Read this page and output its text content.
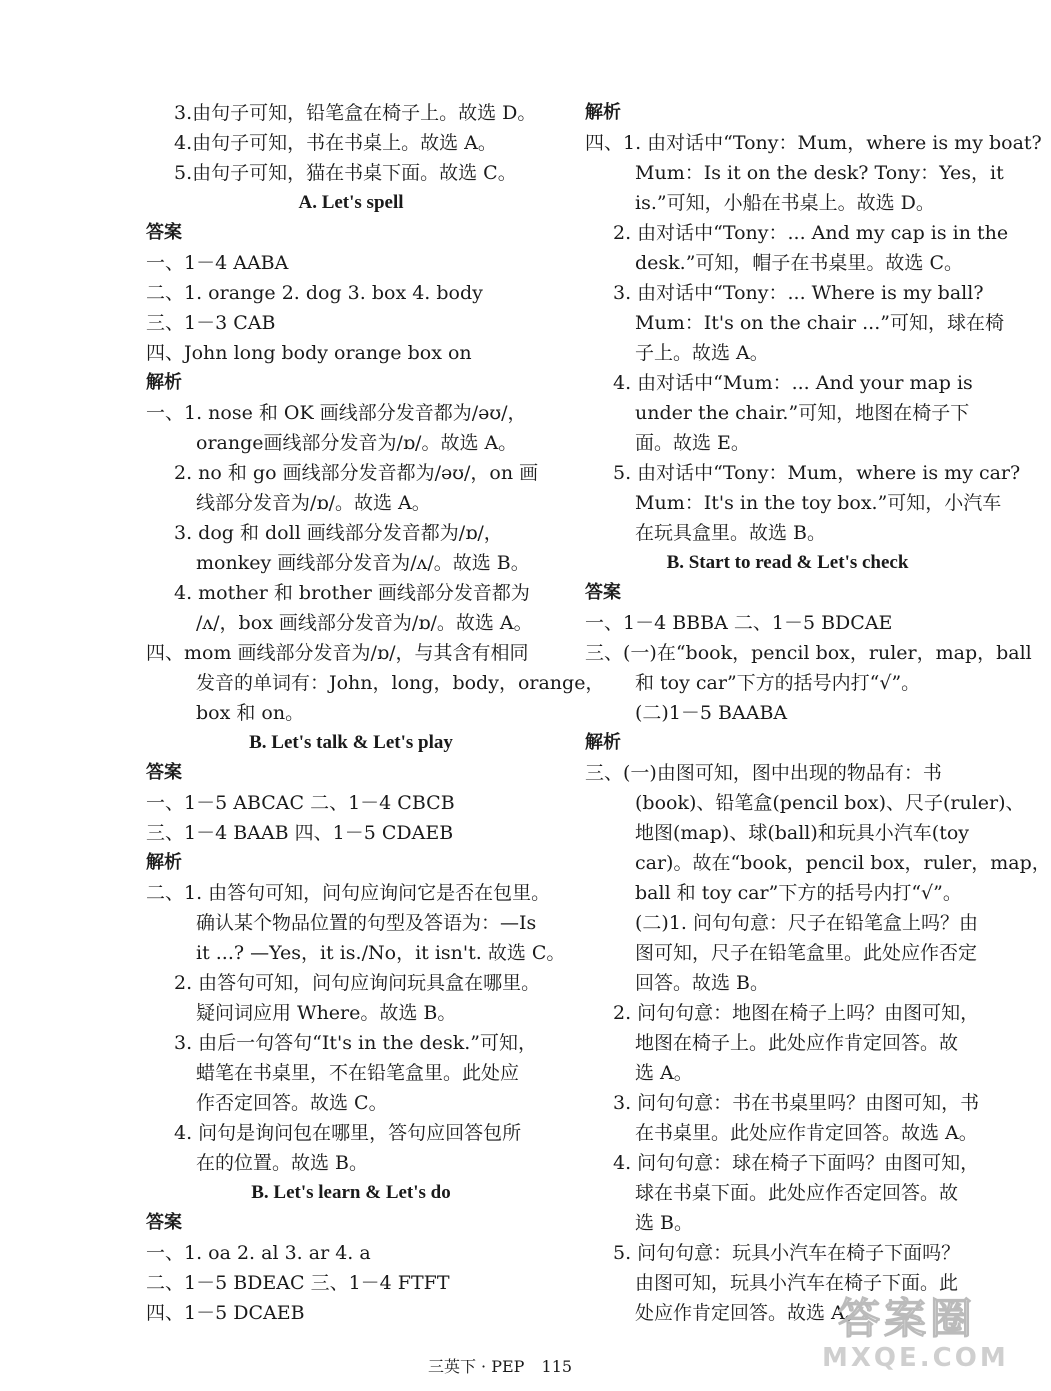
3.由句子可知，铅笔盒在椅子上。故选 D。
4.由句子可知，书在书桌上。故选 A。
5.由句子可知，猫在书桌下面。故选 C。
A. Let's spell
答案
一、1－4 AABA
二、1. orange 2. dog 3. box 4. body
三、1－3 CAB
四、John long body orange box on
解析
一、1. nose 和 OK 画线部分发音都为/əʊ/，
orange画线部分发音为/ɒ/。故选 A。
2. no 和 go 画线部分发音都为/əʊ/，on 画
线部分发音为/ɒ/。故选 A。
3. dog 和 doll 画线部分发音都为/ɒ/，
monkey 画线部分发音为/ʌ/。故选 B。
4. mother 和 brother 画线部分发音都为
/ʌ/，box 画线部分发音为/ɒ/。故选 A。
四、mom 画线部分发音为/ɒ/，与其含有相同
发音的单词有：John，long，body，orange，
box 和 on。
B. Let's talk & Let's play
答案
一、1－5 ABCAC 二、1－4 CBCB
三、1－4 BAAB 四、1－5 CDAEB
解析
二、1. 由答句可知，问句应询问它是否在包里。
确认某个物品位置的句型及答语为：—Is
it ...? —Yes，it is./No，it isn't. 故选 C。
2. 由答句可知，问句应询问玩具盒在哪里。
疑问词应用 Where。故选 B。
3. 由后一句答句“It's in the desk.”可知，
蜡笔在书桌里，不在铅笔盒里。此处应
作否定回答。故选 C。
4. 问句是询问包在哪里，答句应回答包所
在的位置。故选 B。
B. Let's learn & Let's do
答案
一、1. oa 2. al 3. ar 4. a
二、1－5 BDEAC 三、1－4 FTFT
四、1－5 DCAEB
解析
四、1. 由对话中“Tony：Mum，where is my boat?
Mum：Is it on the desk? Tony：Yes，it
is.”可知，小船在书桌上。故选 D。
2. 由对话中“Tony：... And my cap is in the
desk.”可知，帽子在书桌里。故选 C。
3. 由对话中“Tony：... Where is my ball?
Mum：It's on the chair ...”可知，球在椅
子上。故选 A。
4. 由对话中“Mum：... And your map is
under the chair.”可知，地图在椅子下
面。故选 E。
5. 由对话中“Tony：Mum，where is my car?
Mum：It's in the toy box.”可知，小汽车
在玩具盒里。故选 B。
B. Start to read & Let's check
答案
一、1－4 BBBA 二、1－5 BDCAE
三、(一)在“book，pencil box，ruler，map，ball
和 toy car”下方的括号内打“√”。
(二)1－5 BAABA
解析
三、(一)由图可知，图中出现的物品有：书
(book)、铅笔盒(pencil box)、尺子(ruler)、
地图(map)、球(ball)和玩具小汽车(toy
car)。故在“book，pencil box，ruler，map，
ball 和 toy car”下方的括号内打“√”。
(二)1. 问句句意：尺子在铅笔盒上吗？由
图可知，尺子在铅笔盒里。此处应作否定
回答。故选 B。
2. 问句句意：地图在椅子上吗？由图可知，
地图在椅子上。此处应作肯定回答。故
选 A。
3. 问句句意：书在书桌里吗？由图可知，书
在书桌里。此处应作肯定回答。故选 A。
4. 问句句意：球在椅子下面吗？由图可知，
球在书桌下面。此处应作否定回答。故
选 B。
5. 问句句意：玩具小汽车在椅子下面吗？
由图可知，玩具小汽车在椅子下面。此
处应作肯定回答。故选 A。
三英下 · PEP 115
答案圈
MXQE.COM
